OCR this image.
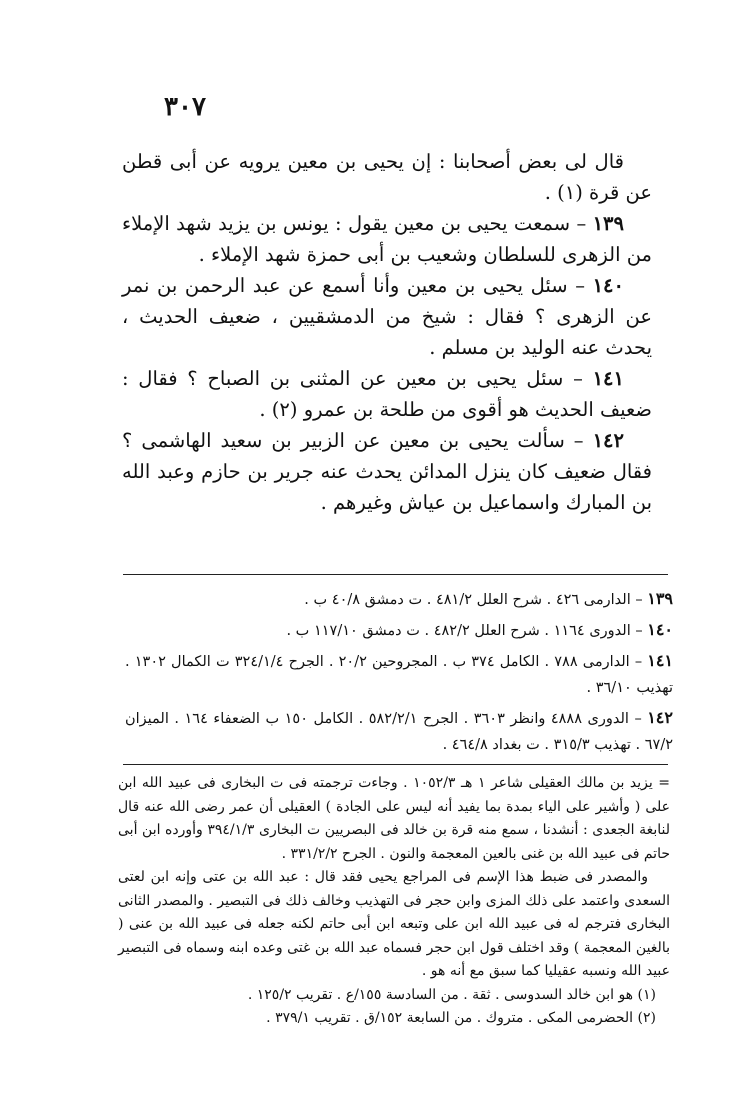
٣٠٧

قال لى بعض أصحابنا : إن يحيى بن معين يرويه عن أبى قطن عن قرة (١) .

١٣٩ – سمعت يحيى بن معين يقول : يونس بن يزيد شهد الإملاء من الزهرى للسلطان وشعيب بن أبى حمزة شهد الإملاء .

١٤٠ – سئل يحيى بن معين وأنا أسمع عن عبد الرحمن بن نمر عن الزهرى ؟ فقال : شيخ من الدمشقيين ، ضعيف الحديث ، يحدث عنه الوليد بن مسلم .

١٤١ – سئل يحيى بن معين عن المثنى بن الصباح ؟ فقال : ضعيف الحديث هو أقوى من طلحة بن عمرو (٢) .

١٤٢ – سألت يحيى بن معين عن الزبير بن سعيد الهاشمى ؟ فقال ضعيف كان ينزل المدائن يحدث عنه جرير بن حازم وعبد الله بن المبارك واسماعيل بن عياش وغيرهم .

١٣٩ – الدارمى ٤٢٦ . شرح العلل ٤٨١/٢ . ت دمشق ٤٠/٨ ب .

١٤٠ – الدورى ١١٦٤ . شرح العلل ٤٨٢/٢ . ت دمشق ١١٧/١٠ ب .

١٤١ – الدارمى ٧٨٨ . الكامل ٣٧٤ ب . المجروحين ٢٠/٢ . الجرح ٣٢٤/١/٤ ت الكمال ١٣٠٢ . تهذيب ٣٦/١٠ .

١٤٢ – الدورى ٤٨٨٨ وانظر ٣٦٠٣ . الجرح ٥٨٢/٢/١ . الكامل ١٥٠ ب الضعفاء ١٦٤ . الميزان ٦٧/٢ . تهذيب ٣١٥/٣ . ت بغداد ٤٦٤/٨ .

= يزيد بن مالك العقيلى شاعر ١ هـ ١٠٥٢/٣ . وجاءت ترجمته فى ت البخارى فى عبيد الله ابن على ( وأشير على الياء بمدة بما يفيد أنه ليس على الجادة ) العقيلى أن عمر رضى الله عنه قال لنابغة الجعدى : أنشدنا ، سمع منه قرة بن خالد فى البصريين ت البخارى ٣٩٤/١/٣ وأورده ابن أبى حاتم فى عبيد الله بن غنى بالعين المعجمة والنون . الجرح ٣٣١/٢/٢ .

والمصدر فى ضبط هذا الإسم فى المراجع يحيى فقد قال : عبد الله بن عتى وإنه ابن لعتى السعدى واعتمد على ذلك المزى وابن حجر فى التهذيب وخالف ذلك فى التبصير . والمصدر الثانى البخارى فترجم له فى عبيد الله ابن على وتبعه ابن أبى حاتم لكنه جعله فى عبيد الله بن عنى ( بالغين المعجمة ) وقد اختلف قول ابن حجر فسماه عبد الله بن غتى وعده ابنه وسماه فى التبصير عبيد الله ونسبه عقيليا كما سبق مع أنه هو .

(١) هو ابن خالد السدوسى . ثقة . من السادسة ١٥٥/ع . تقريب ١٢٥/٢ .

(٢) الحضرمى المكى . متروك . من السابعة ١٥٢/ق . تقريب ٣٧٩/١ .
